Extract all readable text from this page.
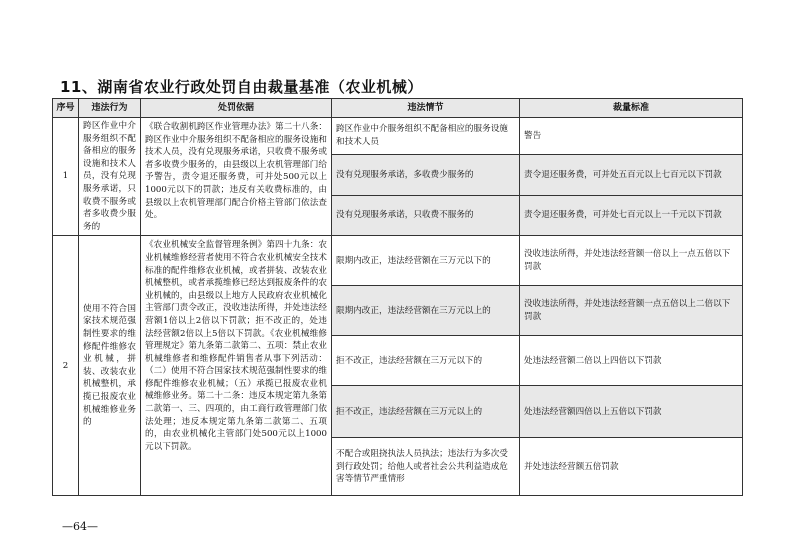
11、湖南省农业行政处罚自由裁量基准（农业机械）
序号	违法行为	处罚依据	违法情节	裁量标准
1	跨区作业中介服务组织不配备相应的服务设施和技术人员，没有兑现服务承诺，只收费不服务或者多收费少服务的	《联合收割机跨区作业管理办法》第二十八条：跨区作业中介服务组织不配备相应的服务设施和技术人员，没有兑现服务承诺，只收费不服务或者多收费少服务的，由县级以上农机管理部门给予警告，责令退还服务费，可并处500元以上1000元以下的罚款；违反有关收费标准的，由县级以上农机管理部门配合价格主管部门依法查处。	跨区作业中介服务组织不配备相应的服务设施和技术人员	警告
			没有兑现服务承诺，多收费少服务的	责令退还服务费，可并处五百元以上七百元以下罚款
			没有兑现服务承诺，只收费不服务的	责令退还服务费，可并处七百元以上一千元以下罚款
2	使用不符合国家技术规范强制性要求的维修配件维修农业机械，拼装、改装农业机械整机，承揽已报废农业机械维修业务的	《农业机械安全监督管理条例》第四十九条：农业机械维修经营者使用不符合农业机械安全技术标准的配件维修农业机械，或者拼装、改装农业机械整机，或者承揽维修已经达到报废条件的农业机械的，由县级以上地方人民政府农业机械化主管部门责令改正，没收违法所得，并处违法经营额1倍以上2倍以下罚款；拒不改正的，处违法经营额2倍以上5倍以下罚款。《农业机械维修管理规定》第九条第二款第二、五项：禁止农业机械维修者和维修配件销售者从事下列活动：（二）使用不符合国家技术规范强制性要求的维修配件维修农业机械；（五）承揽已报废农业机械维修业务。第二十二条：违反本规定第九条第二款第一、三、四项的，由工商行政管理部门依法处理；违反本规定第九条第二款第二、五项的，由农业机械化主管部门处500元以上1000元以下罚款。	限期内改正，违法经营额在三万元以下的	没收违法所得，并处违法经营额一倍以上一点五倍以下罚款
			限期内改正，违法经营额在三万元以上的	没收违法所得，并处违法经营额一点五倍以上二倍以下罚款
			拒不改正，违法经营额在三万元以下的	处违法经营额二倍以上四倍以下罚款
			拒不改正，违法经营额在三万元以上的	处违法经营额四倍以上五倍以下罚款
			不配合或阻挠执法人员执法；违法行为多次受到行政处罚；给他人或者社会公共利益造成危害等情节严重情形	并处违法经营额五倍罚款
—64—
